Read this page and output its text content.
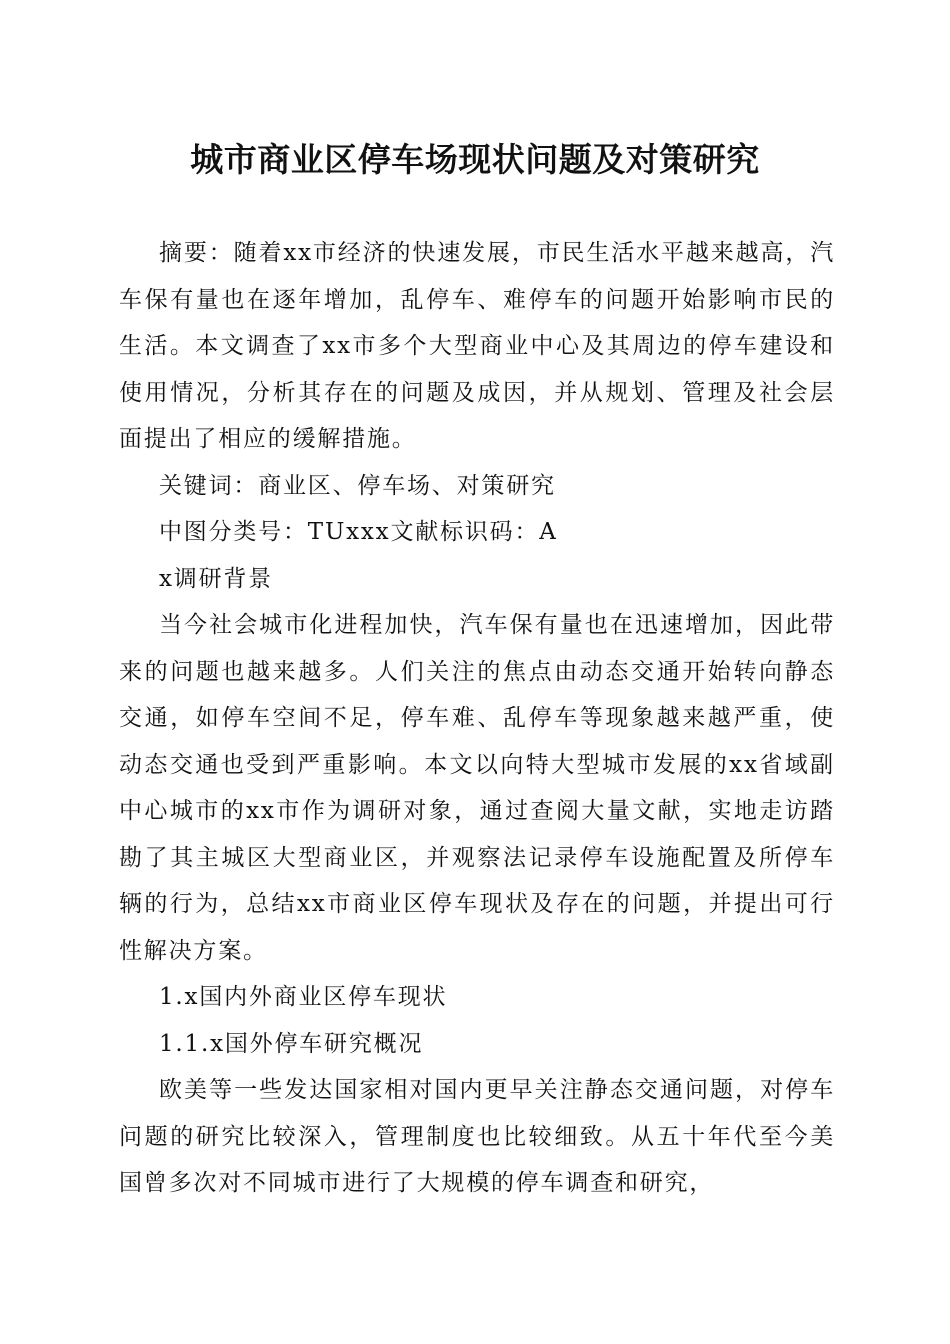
城市商业区停车场现状问题及对策研究

摘要：随着xx市经济的快速发展，市民生活水平越来越高，汽车保有量也在逐年增加，乱停车、难停车的问题开始影响市民的生活。本文调查了xx市多个大型商业中心及其周边的停车建设和使用情况，分析其存在的问题及成因，并从规划、管理及社会层面提出了相应的缓解措施。

关键词：商业区、停车场、对策研究

中图分类号：TUxxx文献标识码：A

x调研背景

当今社会城市化进程加快，汽车保有量也在迅速增加，因此带来的问题也越来越多。人们关注的焦点由动态交通开始转向静态交通，如停车空间不足，停车难、乱停车等现象越来越严重，使动态交通也受到严重影响。本文以向特大型城市发展的xx省域副中心城市的xx市作为调研对象，通过查阅大量文献，实地走访踏勘了其主城区大型商业区，并观察法记录停车设施配置及所停车辆的行为，总结xx市商业区停车现状及存在的问题，并提出可行性解决方案。

1.x国内外商业区停车现状

1.1.x国外停车研究概况

欧美等一些发达国家相对国内更早关注静态交通问题，对停车问题的研究比较深入，管理制度也比较细致。从五十年代至今美国曾多次对不同城市进行了大规模的停车调查和研究，
